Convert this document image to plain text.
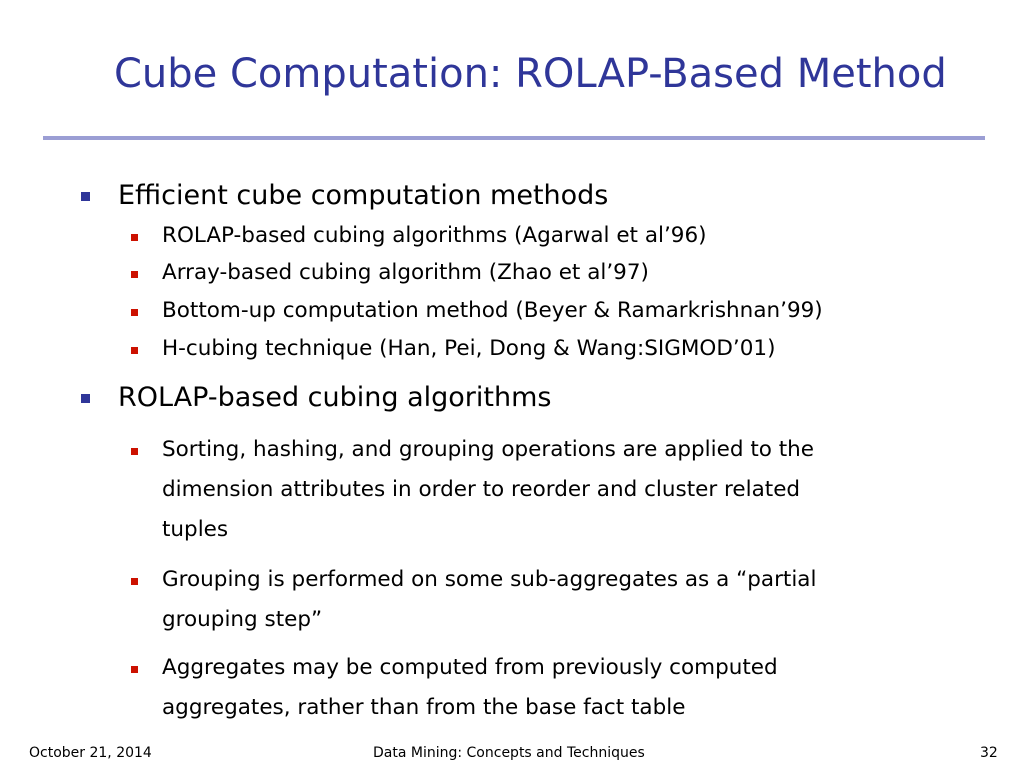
Cube Computation: ROLAP-Based Method
Efficient cube computation methods
ROLAP-based cubing algorithms (Agarwal et al’96)
Array-based cubing algorithm (Zhao et al’97)
Bottom-up computation method (Beyer & Ramarkrishnan’99)
H-cubing technique (Han, Pei, Dong & Wang:SIGMOD’01)
ROLAP-based cubing algorithms
Sorting, hashing, and grouping operations are applied to the
dimension attributes in order to reorder and cluster related
tuples
Grouping is performed on some sub-aggregates as a “partial
grouping step”
Aggregates may be computed from previously computed
aggregates, rather than from the base fact table
October 21, 2014	Data Mining: Concepts and Techniques	32
